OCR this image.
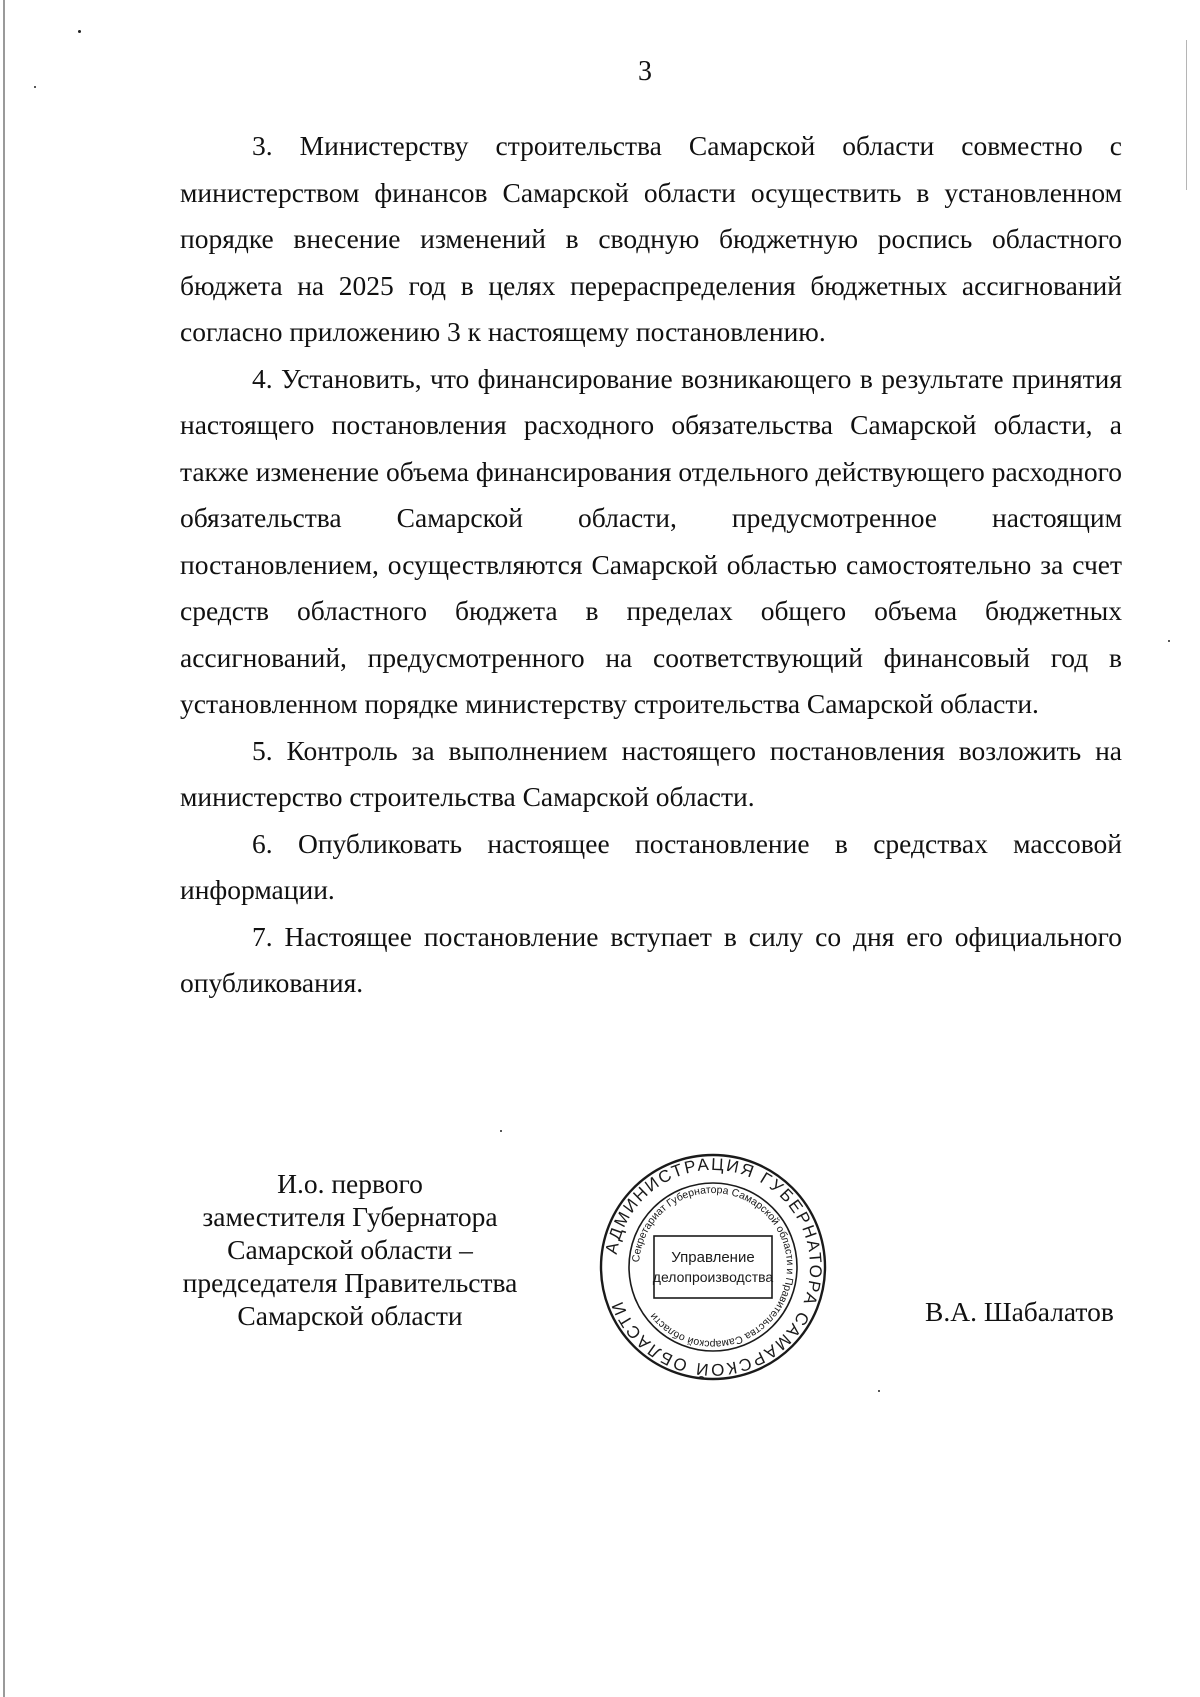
3

3. Министерству строительства Самарской области совместно с министерством финансов Самарской области осуществить в установленном порядке внесение изменений в сводную бюджетную роспись областного бюджета на 2025 год в целях перераспределения бюджетных ассигнований согласно приложению 3 к настоящему постановлению.

4. Установить, что финансирование возникающего в результате принятия настоящего постановления расходного обязательства Самарской области, а также изменение объема финансирования отдельного действующего расходного обязательства Самарской области, предусмотренное настоящим постановлением, осуществляются Самарской областью самостоятельно за счет средств областного бюджета в пределах общего объема бюджетных ассигнований, предусмотренного на соответствующий финансовый год в установленном порядке министерству строительства Самарской области.

5. Контроль за выполнением настоящего постановления возложить на министерство строительства Самарской области.

6. Опубликовать настоящее постановление в средствах массовой информации.

7. Настоящее постановление вступает в силу со дня его официального опубликования.

И.о. первого
заместителя Губернатора
Самарской области –
председателя Правительства
Самарской области
АДМИНИСТРАЦИЯ ГУБЕРНАТОРА САМАРСКОЙ ОБЛАСТИ
Секретариат Губернатора Самарской области и Правительства Самарской области
Управление
делопроизводства
В.А. Шабалатов
